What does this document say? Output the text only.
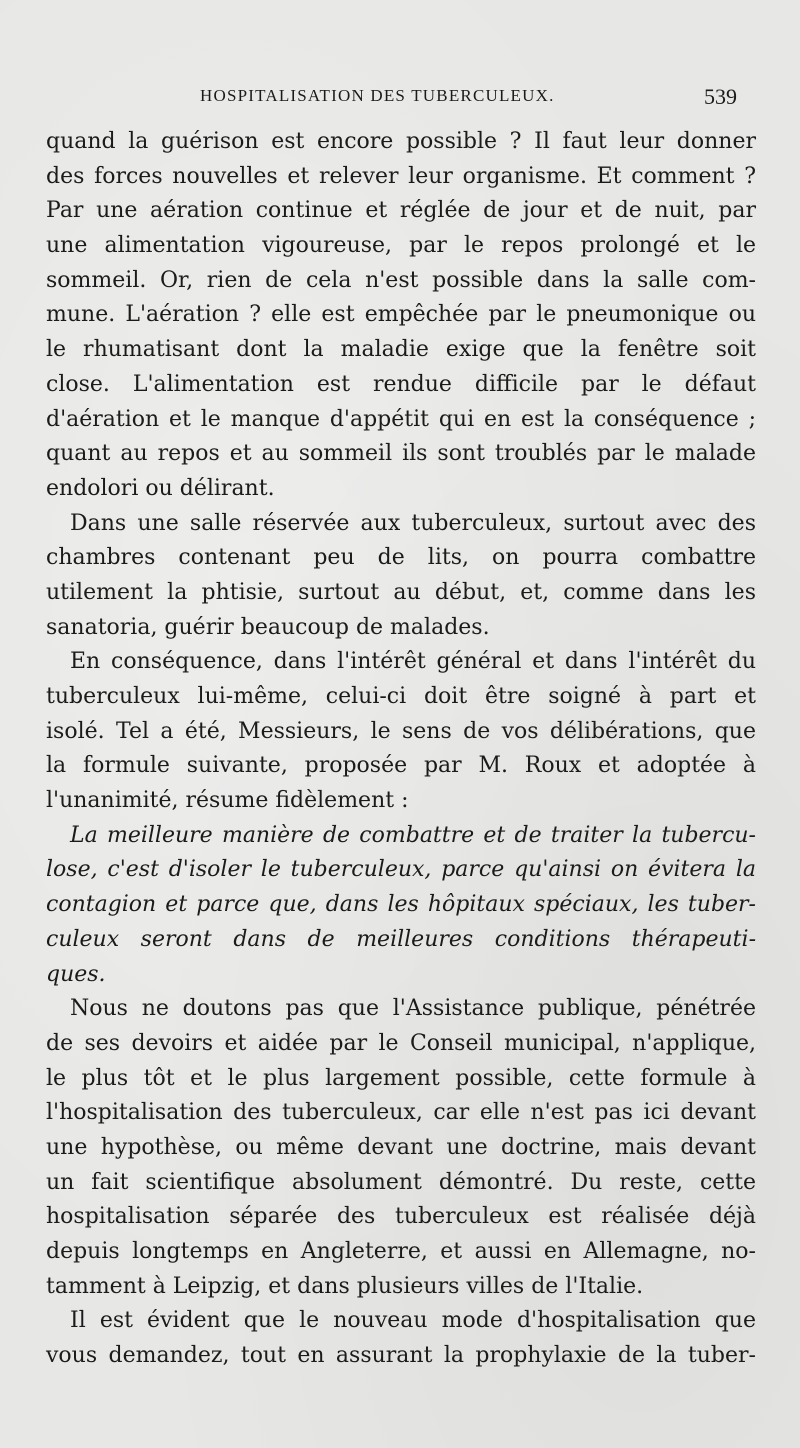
HOSPITALISATION DES TUBERCULEUX.	539
quand la guérison est encore possible ? Il faut leur donner
des forces nouvelles et relever leur organisme. Et comment ?
Par une aération continue et réglée de jour et de nuit, par
une alimentation vigoureuse, par le repos prolongé et le
sommeil. Or, rien de cela n'est possible dans la salle com-
mune. L'aération ? elle est empêchée par le pneumonique ou
le rhumatisant dont la maladie exige que la fenêtre soit
close. L'alimentation est rendue difficile par le défaut
d'aération et le manque d'appétit qui en est la conséquence ;
quant au repos et au sommeil ils sont troublés par le malade
endolori ou délirant.
Dans une salle réservée aux tuberculeux, surtout avec des
chambres contenant peu de lits, on pourra combattre
utilement la phtisie, surtout au début, et, comme dans les
sanatoria, guérir beaucoup de malades.
En conséquence, dans l'intérêt général et dans l'intérêt du
tuberculeux lui-même, celui-ci doit être soigné à part et
isolé. Tel a été, Messieurs, le sens de vos délibérations, que
la formule suivante, proposée par M. Roux et adoptée à
l'unanimité, résume fidèlement :
La meilleure manière de combattre et de traiter la tubercu-
lose, c'est d'isoler le tuberculeux, parce qu'ainsi on évitera la
contagion et parce que, dans les hôpitaux spéciaux, les tuber-
culeux seront dans de meilleures conditions thérapeuti-
ques.
Nous ne doutons pas que l'Assistance publique, pénétrée
de ses devoirs et aidée par le Conseil municipal, n'applique,
le plus tôt et le plus largement possible, cette formule à
l'hospitalisation des tuberculeux, car elle n'est pas ici devant
une hypothèse, ou même devant une doctrine, mais devant
un fait scientifique absolument démontré. Du reste, cette
hospitalisation séparée des tuberculeux est réalisée déjà
depuis longtemps en Angleterre, et aussi en Allemagne, no-
tamment à Leipzig, et dans plusieurs villes de l'Italie.
Il est évident que le nouveau mode d'hospitalisation que
vous demandez, tout en assurant la prophylaxie de la tuber-
